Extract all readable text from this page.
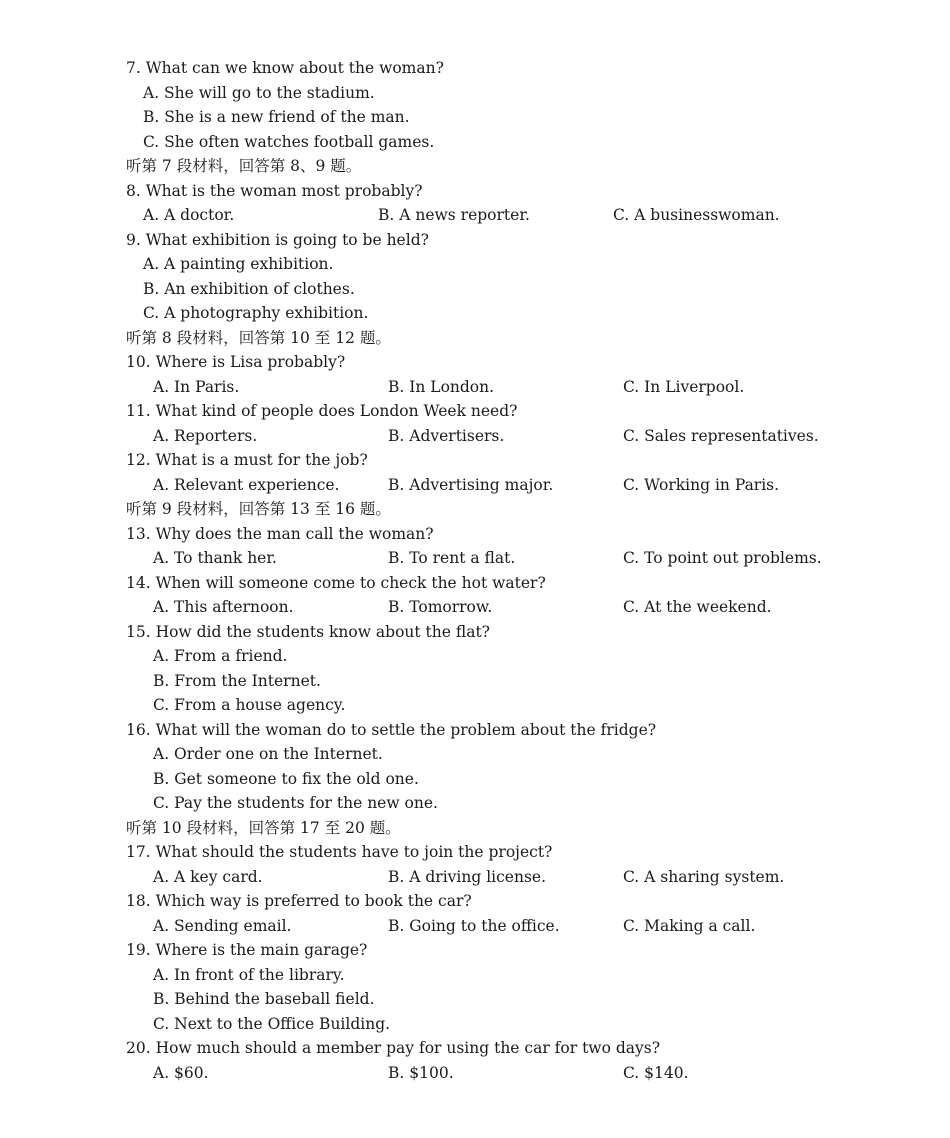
7. What can we know about the woman?
A. She will go to the stadium.
B. She is a new friend of the man.
C. She often watches football games.
听第 7 段材料，回答第 8、9 题。
8. What is the woman most probably?
A. A doctor.	B. A news reporter.	C. A businesswoman.
9. What exhibition is going to be held?
A. A painting exhibition.
B. An exhibition of clothes.
C. A photography exhibition.
听第 8 段材料，回答第 10 至 12 题。
10. Where is Lisa probably?
A. In Paris.	B. In London.	C. In Liverpool.
11. What kind of people does London Week need?
A. Reporters.	B. Advertisers.	C. Sales representatives.
12. What is a must for the job?
A. Relevant experience.	B. Advertising major.	C. Working in Paris.
听第 9 段材料，回答第 13 至 16 题。
13. Why does the man call the woman?
A. To thank her.	B. To rent a flat.	C. To point out problems.
14. When will someone come to check the hot water?
A. This afternoon.	B. Tomorrow.	C. At the weekend.
15. How did the students know about the flat?
A. From a friend.
B. From the Internet.
C. From a house agency.
16. What will the woman do to settle the problem about the fridge?
A. Order one on the Internet.
B. Get someone to fix the old one.
C. Pay the students for the new one.
听第 10 段材料，回答第 17 至 20 题。
17. What should the students have to join the project?
A. A key card.	B. A driving license.	C. A sharing system.
18. Which way is preferred to book the car?
A. Sending email.	B. Going to the office.	C. Making a call.
19. Where is the main garage?
A. In front of the library.
B. Behind the baseball field.
C. Next to the Office Building.
20. How much should a member pay for using the car for two days?
A. $60.	B. $100.	C. $140.
